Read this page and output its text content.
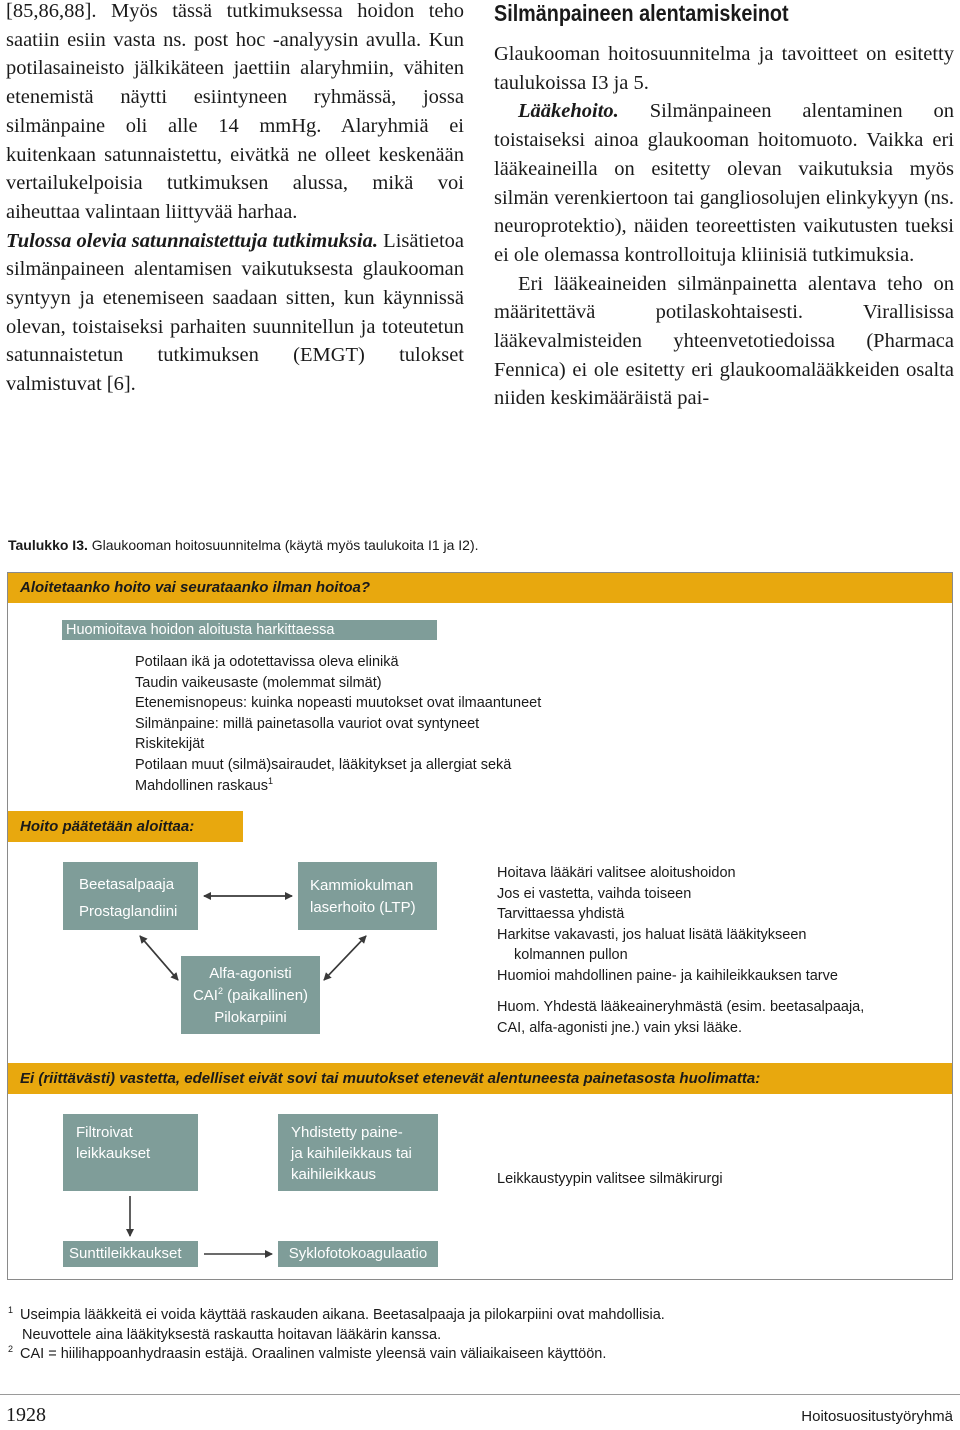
[85,86,88]. Myös tässä tutkimuksessa hoidon teho saatiin esiin vasta ns. post hoc -analyysin avulla. Kun potilasaineisto jälkikäteen jaettiin alaryhmiin, vähiten etenemistä näytti esiintyneen ryhmässä, jossa silmänpaine oli alle 14 mmHg. Alaryhmiä ei kuitenkaan satunnaistettu, eivätkä ne olleet keskenään vertailukelpoisia tutkimuksen alussa, mikä voi aiheuttaa valintaan liittyvää harhaa.

Tulossa olevia satunnaistettuja tutkimuksia. Lisätietoa silmänpaineen alentamisen vaikutuksesta glaukooman syntyyn ja etenemiseen saadaan sitten, kun käynnissä olevan, toistaiseksi parhaiten suunnitellun ja toteutetun satunnaistetun tutkimuksen (EMGT) tulokset valmistuvat [6].

Silmänpaineen alentamiskeinot

Glaukooman hoitosuunnitelma ja tavoitteet on esitetty taulukoissa I3 ja 5.

Lääkehoito. Silmänpaineen alentaminen on toistaiseksi ainoa glaukooman hoitomuoto. Vaikka eri lääkeaineilla on esitetty olevan vaikutuksia myös silmän verenkiertoon tai gangliosolujen elinkykyyn (ns. neuroprotektio), näiden teoreettisten vaikutusten tueksi ei ole olemassa kontrolloituja kliinisiä tutkimuksia.

Eri lääkeaineiden silmänpainetta alentava teho on määritettävä potilaskohtaisesti. Virallisissa lääkevalmisteiden yhteenvetotiedoissa (Pharmaca Fennica) ei ole esitetty eri glaukoomalääkkeiden osalta niiden keskimääräistä pai-

Taulukko I3. Glaukooman hoitosuunnitelma (käytä myös taulukoita I1 ja I2).
Aloitetaanko hoito vai seurataanko ilman hoitoa?
Huomioitava hoidon aloitusta harkittaessa
Potilaan ikä ja odotettavissa oleva elinikä
Taudin vaikeusaste (molemmat silmät)
Etenemisnopeus: kuinka nopeasti muutokset ovat ilmaantuneet
Silmänpaine: millä painetasolla vauriot ovat syntyneet
Riskitekijät
Potilaan muut (silmä)sairaudet, lääkitykset ja allergiat sekä
Mahdollinen raskaus$^1$
Hoito päätetään aloittaa:
Beetasalpaaja
Prostaglandiini
Kammiokulman
laserhoito (LTP)
Alfa-agonisti
CAI$^2$ (paikallinen)
Pilokarpiini
Hoitava lääkäri valitsee aloitushoidon
Jos ei vastetta, vaihda toiseen
Tarvittaessa yhdistä
Harkitse vakavasti, jos haluat lisätä lääkitykseen
kolmannen pullon
Huomioi mahdollinen paine- ja kaihileikkauksen tarve
Huom. Yhdestä lääkeaineryhmästä (esim. beetasalpaaja,
CAI, alfa-agonisti jne.) vain yksi lääke.
Ei (riittävästi) vastetta, edelliset eivät sovi tai muutokset etenevät alentuneesta painetasosta huolimatta:
Filtroivat
leikkaukset
Yhdistetty paine-
ja kaihileikkaus tai
kaihileikkaus	Leikkaustyypin valitsee silmäkirurgi
Sunttileikkaukset	Syklofotokoagulaatio
1 Useimpia lääkkeitä ei voida käyttää raskauden aikana. Beetasalpaaja ja pilokarpiini ovat mahdollisia.
Neuvottele aina lääkityksestä raskautta hoitavan lääkärin kanssa.
2 CAI = hiilihappoanhydraasin estäjä. Oraalinen valmiste yleensä vain väliaikaiseen käyttöön.
1928	Hoitosuositustyöryhmä
